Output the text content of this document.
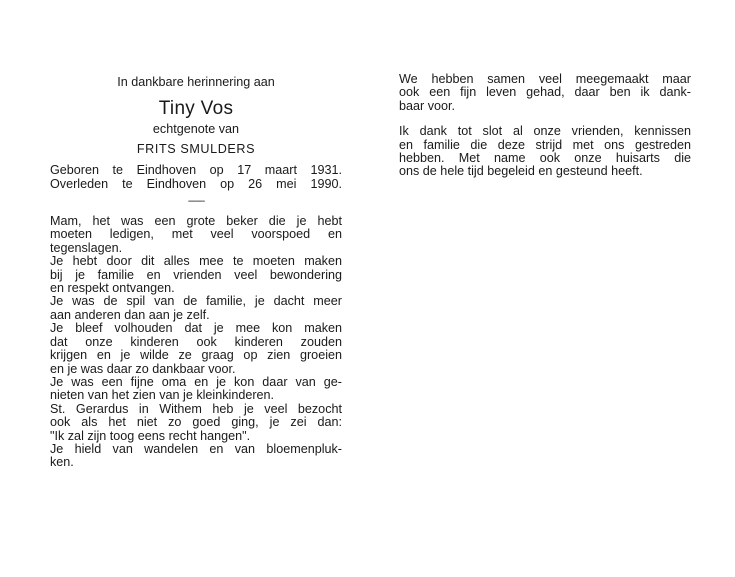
In dankbare herinnering aan

Tiny Vos

echtgenote van

FRITS SMULDERS

Geboren te Eindhoven op 17 maart 1931.

Overleden te Eindhoven op 26 mei 1990.

-------
Mam, het was een grote beker die je hebt
moeten ledigen, met veel voorspoed en
tegenslagen.
Je hebt door dit alles mee te moeten maken
bij je familie en vrienden veel bewondering
en respekt ontvangen.
Je was de spil van de familie, je dacht meer
aan anderen dan aan je zelf.
Je bleef volhouden dat je mee kon maken
dat onze kinderen ook kinderen zouden
krijgen en je wilde ze graag op zien groeien
en je was daar zo dankbaar voor.
Je was een fijne oma en je kon daar van ge-
nieten van het zien van je kleinkinderen.
St. Gerardus in Withem heb je veel bezocht
ook als het niet zo goed ging, je zei dan:
"Ik zal zijn toog eens recht hangen".
Je hield van wandelen en van bloemenpluk-
ken.
We hebben samen veel meegemaakt maar
ook een fijn leven gehad, daar ben ik dank-
baar voor.
Ik dank tot slot al onze vrienden, kennissen
en familie die deze strijd met ons gestreden
hebben. Met name ook onze huisarts die
ons de hele tijd begeleid en gesteund heeft.
